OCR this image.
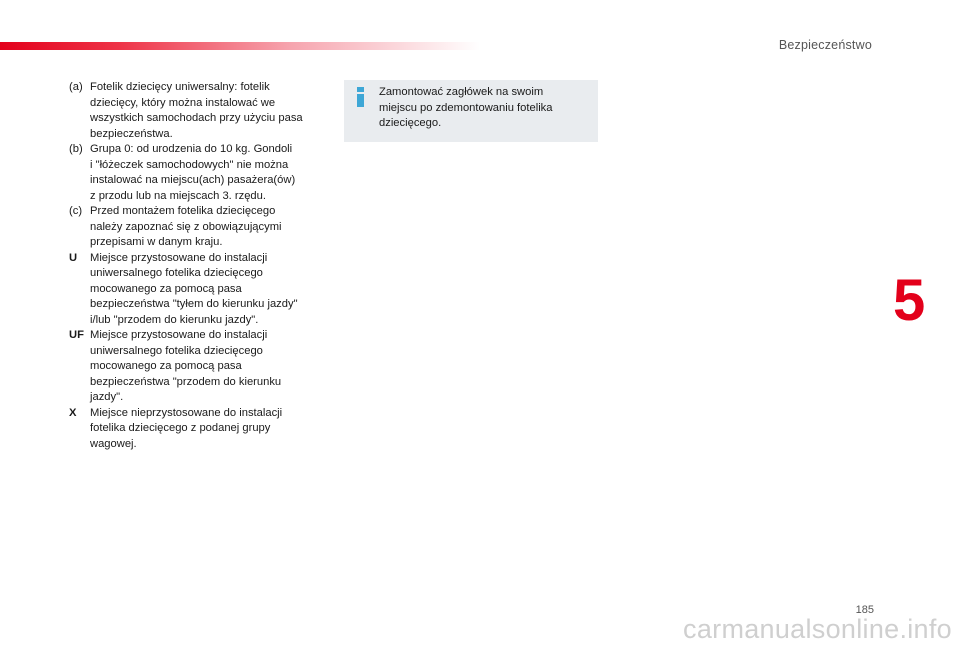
Bezpieczeństwo
(a) Fotelik dziecięcy uniwersalny: fotelik
dziecięcy, który można instalować we
wszystkich samochodach przy użyciu pasa
bezpieczeństwa.
(b) Grupa 0: od urodzenia do 10 kg. Gondoli
i "łóżeczek samochodowych" nie można
instalować na miejscu(ach) pasażera(ów)
z przodu lub na miejscach 3. rzędu.
(c) Przed montażem fotelika dziecięcego
należy zapoznać się z obowiązującymi
przepisami w danym kraju.
U	Miejsce przystosowane do instalacji
uniwersalnego fotelika dziecięcego
mocowanego za pomocą pasa
bezpieczeństwa "tyłem do kierunku jazdy"
i/lub "przodem do kierunku jazdy".
UF Miejsce przystosowane do instalacji
uniwersalnego fotelika dziecięcego
mocowanego za pomocą pasa
bezpieczeństwa "przodem do kierunku
jazdy".
X	Miejsce nieprzystosowane do instalacji
fotelika dziecięcego z podanej grupy
wagowej.
Zamontować zagłówek na swoim
miejscu po zdemontowaniu fotelika
dziecięcego.
5
185
carmanualsonline.info
